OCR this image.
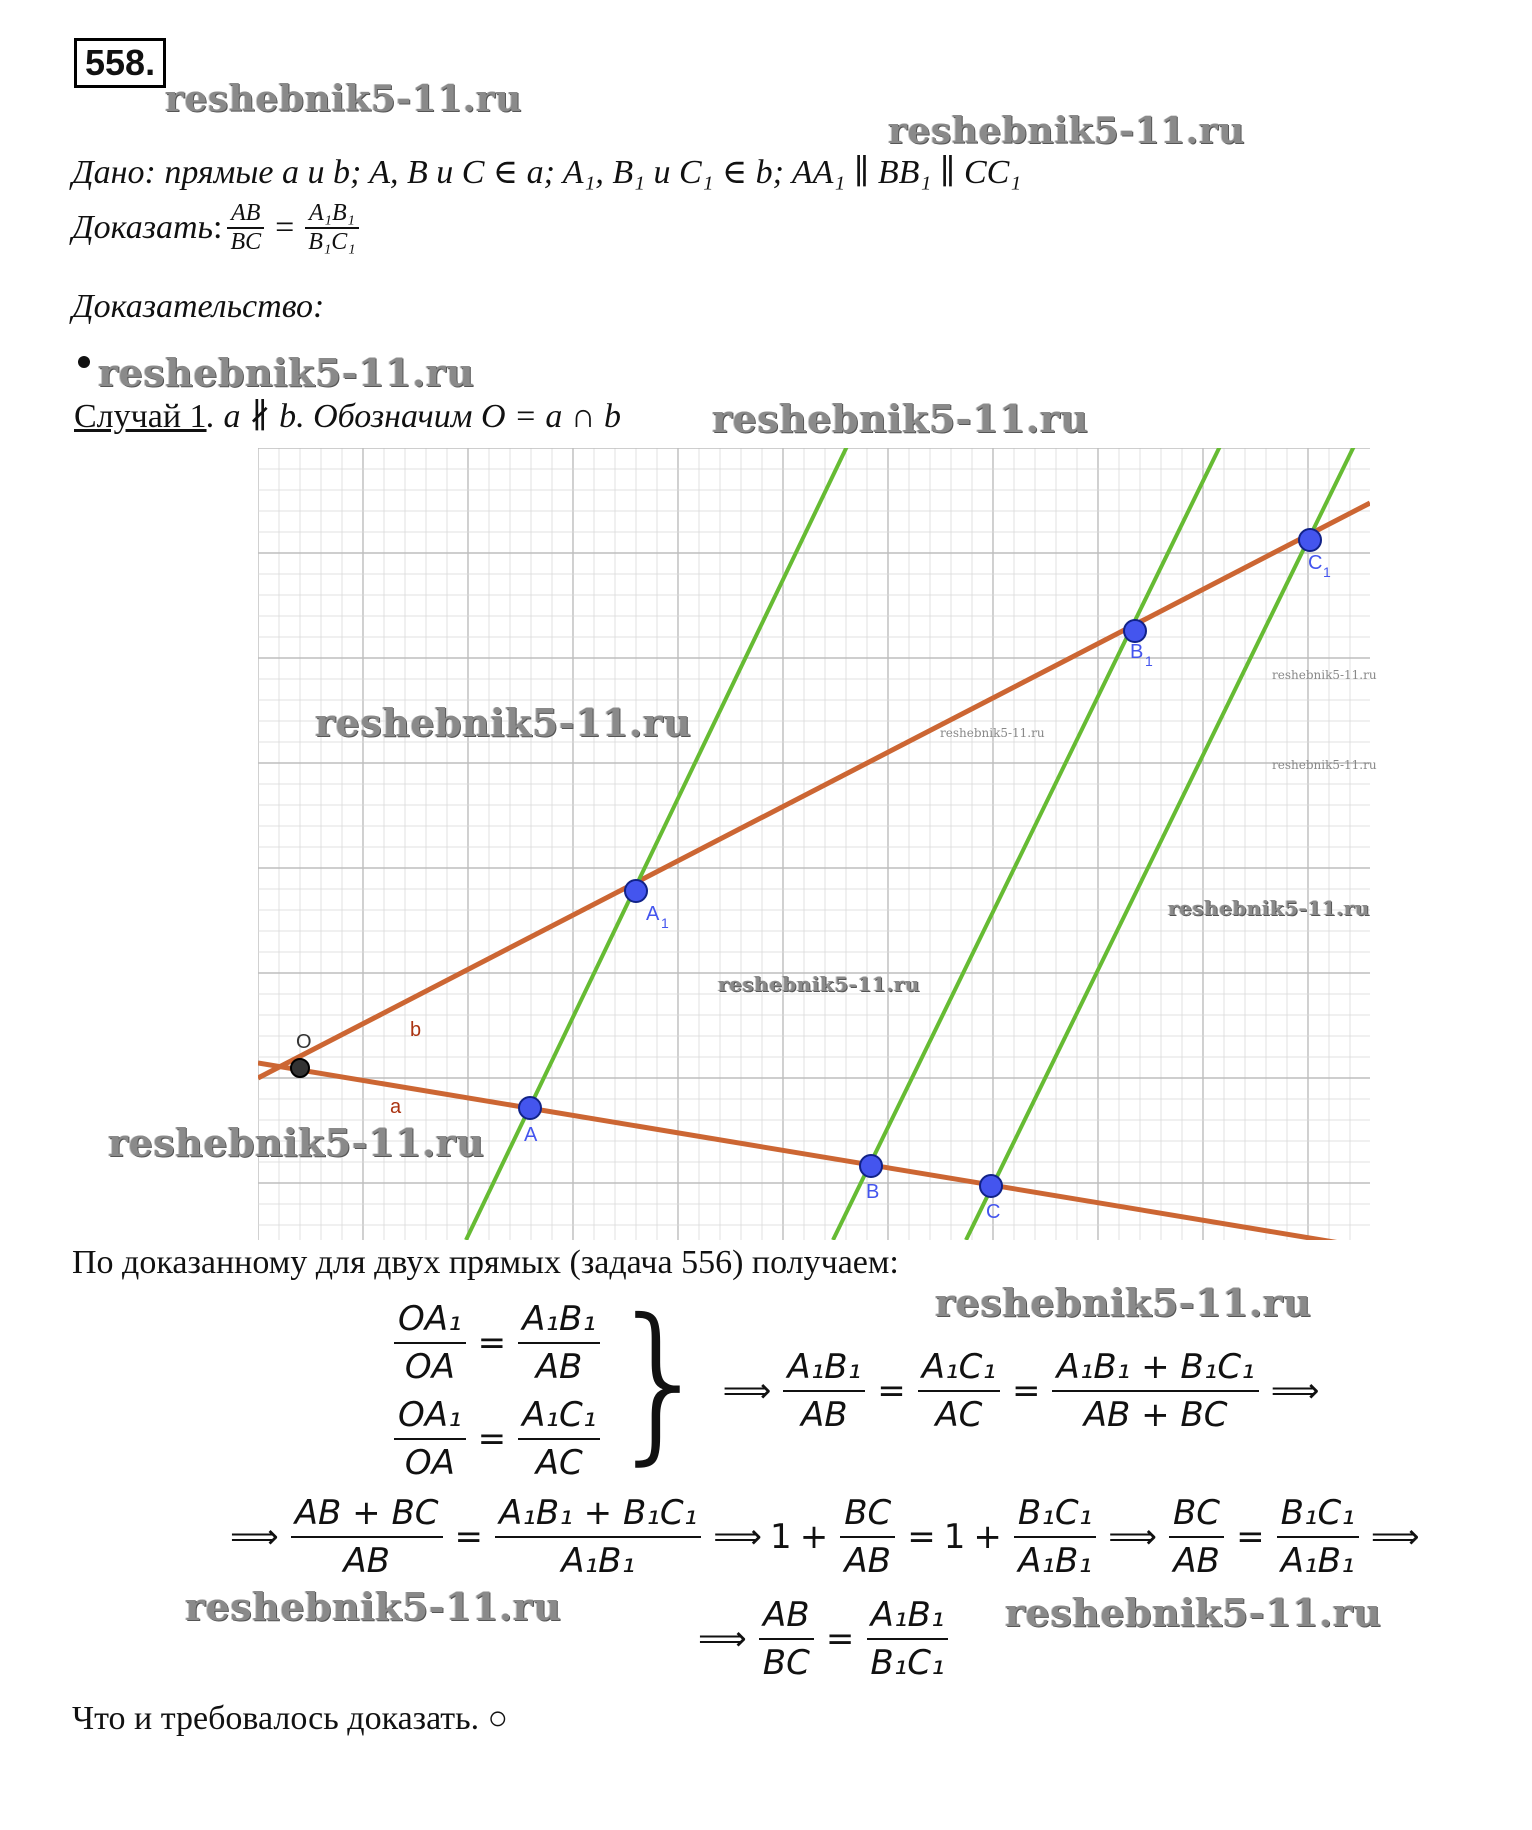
558.
reshebnik5-11.ru
reshebnik5-11.ru
Дано: прямые a и b; A, B и C ∈ a; A₁, B₁ и C₁ ∈ b; AA₁ ∥ BB₁ ∥ CC₁
Доказать : $\frac{AB}{BC} = \frac{\text{A₁B₁}}{\text{B₁C₁}}$
Доказательство:
reshebnik5-11.ru
Случай 1. a ∦ b. Обозначим O = a ∩ b reshebnik5-11.ru
O
b
a
A
B
C
A 1
B 1
C 1
reshebnik5-11.ru
reshebnik5-11.ru
reshebnik5-11.ru
reshebnik5-11.ru
reshebnik5-11.ru
reshebnik5-11.ru
reshebnik5-11.ru
По доказанному для двух прямых (задача 556) получаем:
reshebnik5-11.ru
$\frac{\text{OA₁}}{OA} = \frac{\text{A₁B₁}}{AB}$
$\frac{\text{OA₁}}{OA} = \frac{\text{A₁C₁}}{AC}$ } ⟹ $\frac{\text{A₁B₁}}{AB} = \frac{\text{A₁C₁}}{AC} = \frac{\text{A₁B₁ + B₁C₁}}{AB + BC}$ ⟹
⟹ $\frac{AB + BC}{AB} = \frac{\text{A₁B₁ + B₁C₁}}{\text{A₁B₁}}$ ⟹ $1 + \frac{BC}{AB} = 1 + \frac{\text{B₁C₁}}{\text{A₁B₁}}$ ⟹ $\frac{BC}{AB} = \frac{\text{B₁C₁}}{\text{A₁B₁}}$ ⟹
reshebnik5-11.ru	reshebnik5-11.ru
⟹ $\frac{AB}{BC} = \frac{\text{A₁B₁}}{\text{B₁C₁}}$
Что и требовалось доказать. ○
